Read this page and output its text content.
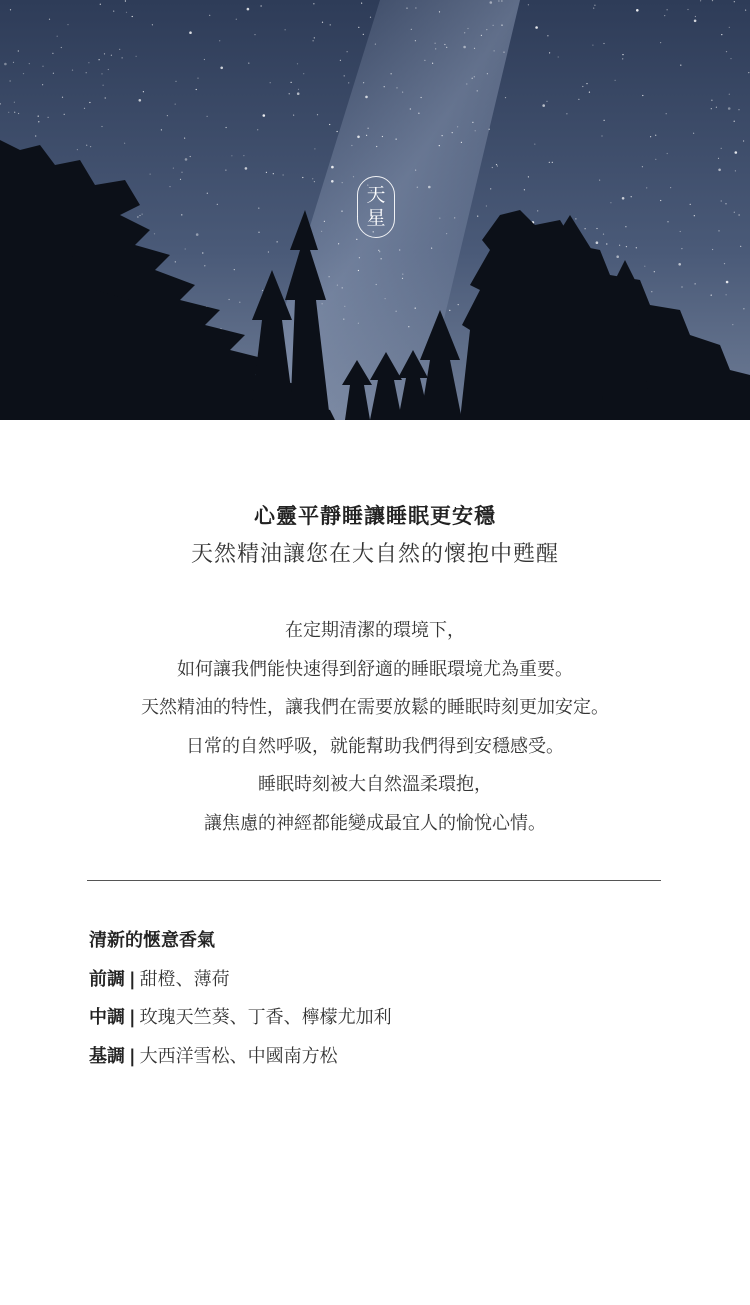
天
星
心靈平靜睡讓睡眠更安穩
天然精油讓您在大自然的懷抱中甦醒
在定期清潔的環境下，
如何讓我們能快速得到舒適的睡眠環境尤為重要。
天然精油的特性，讓我們在需要放鬆的睡眠時刻更加安定。
日常的自然呼吸，就能幫助我們得到安穩感受。
睡眠時刻被大自然溫柔環抱，
讓焦慮的神經都能變成最宜人的愉悅心情。
清新的愜意香氣
前調 | 甜橙、薄荷
中調 | 玫瑰天竺葵、丁香、檸檬尤加利
基調 | 大西洋雪松、中國南方松
